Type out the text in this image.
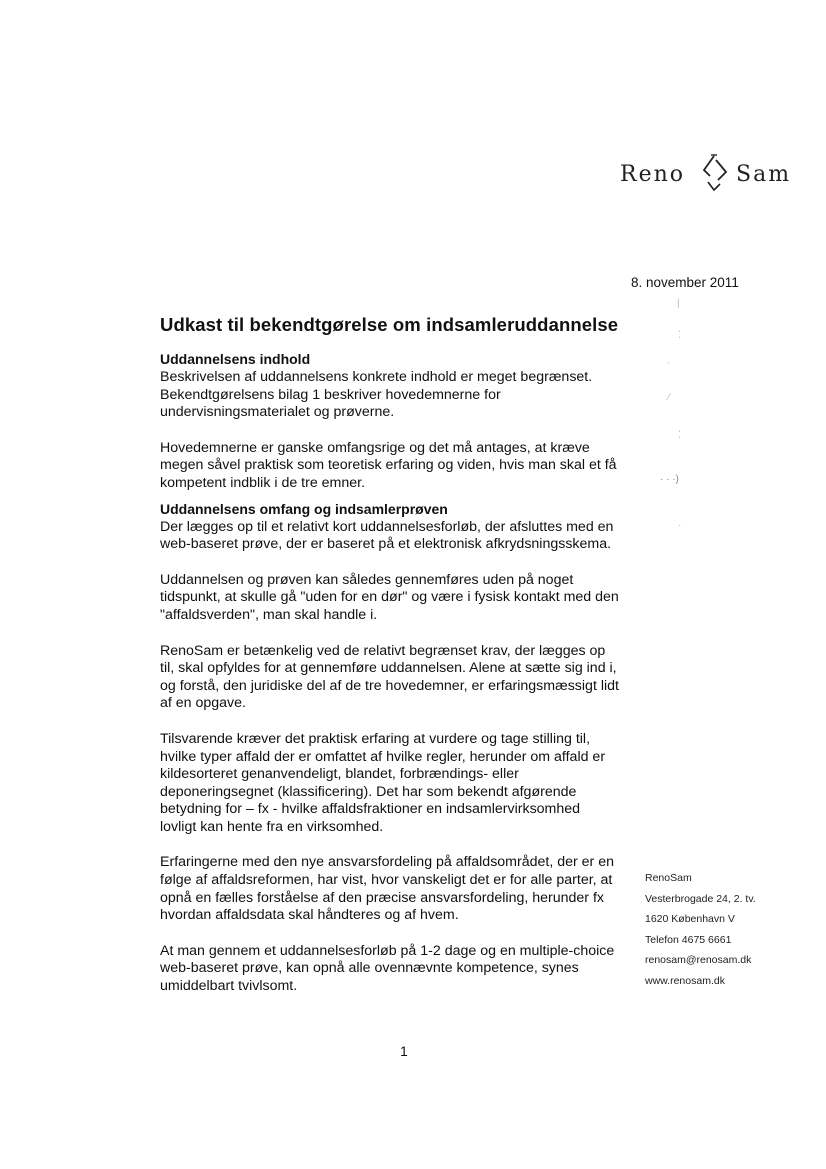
Reno Sam
8. november 2011
|
⁚
ˋ
⁄
⁚
· · ·)
·
Udkast til bekendtgørelse om indsamleruddannelse
Uddannelsens indhold

Beskrivelsen af uddannelsens konkrete indhold er meget begrænset. Bekendtgørelsens bilag 1 beskriver hovedemnerne for undervisningsmaterialet og prøverne.

Hovedemnerne er ganske omfangsrige og det må antages, at kræve megen såvel praktisk som teoretisk erfaring og viden, hvis man skal et få kompetent indblik i de tre emner.

Uddannelsens omfang og indsamlerprøven

Der lægges op til et relativt kort uddannelsesforløb, der afsluttes med en web-baseret prøve, der er baseret på et elektronisk afkrydsningsskema.

Uddannelsen og prøven kan således gennemføres uden på noget tidspunkt, at skulle gå "uden for en dør" og være i fysisk kontakt med den "affaldsverden", man skal handle i.

RenoSam er betænkelig ved de relativt begrænset krav, der lægges op til, skal opfyldes for at gennemføre uddannelsen. Alene at sætte sig ind i, og forstå, den juridiske del af de tre hovedemner, er erfaringsmæssigt lidt af en opgave.

Tilsvarende kræver det praktisk erfaring at vurdere og tage stilling til, hvilke typer affald der er omfattet af hvilke regler, herunder om affald er kildesorteret genanvendeligt, blandet, forbrændings- eller deponeringsegnet (klassificering). Det har som bekendt afgørende betydning for – fx - hvilke affaldsfraktioner en indsamlervirksomhed lovligt kan hente fra en virksomhed.

Erfaringerne med den nye ansvarsfordeling på affaldsområdet, der er en følge af affaldsreformen, har vist, hvor vanskeligt det er for alle parter, at opnå en fælles forståelse af den præcise ansvarsfordeling, herunder fx hvordan affaldsdata skal håndteres og af hvem.

At man gennem et uddannelsesforløb på 1-2 dage og en multiple-choice web-baseret prøve, kan opnå alle ovennævnte kompetence, synes umiddelbart tvivlsomt.

RenoSam
Vesterbrogade 24, 2. tv.
1620 København V
Telefon 4675 6661
renosam@renosam.dk
www.renosam.dk
1
